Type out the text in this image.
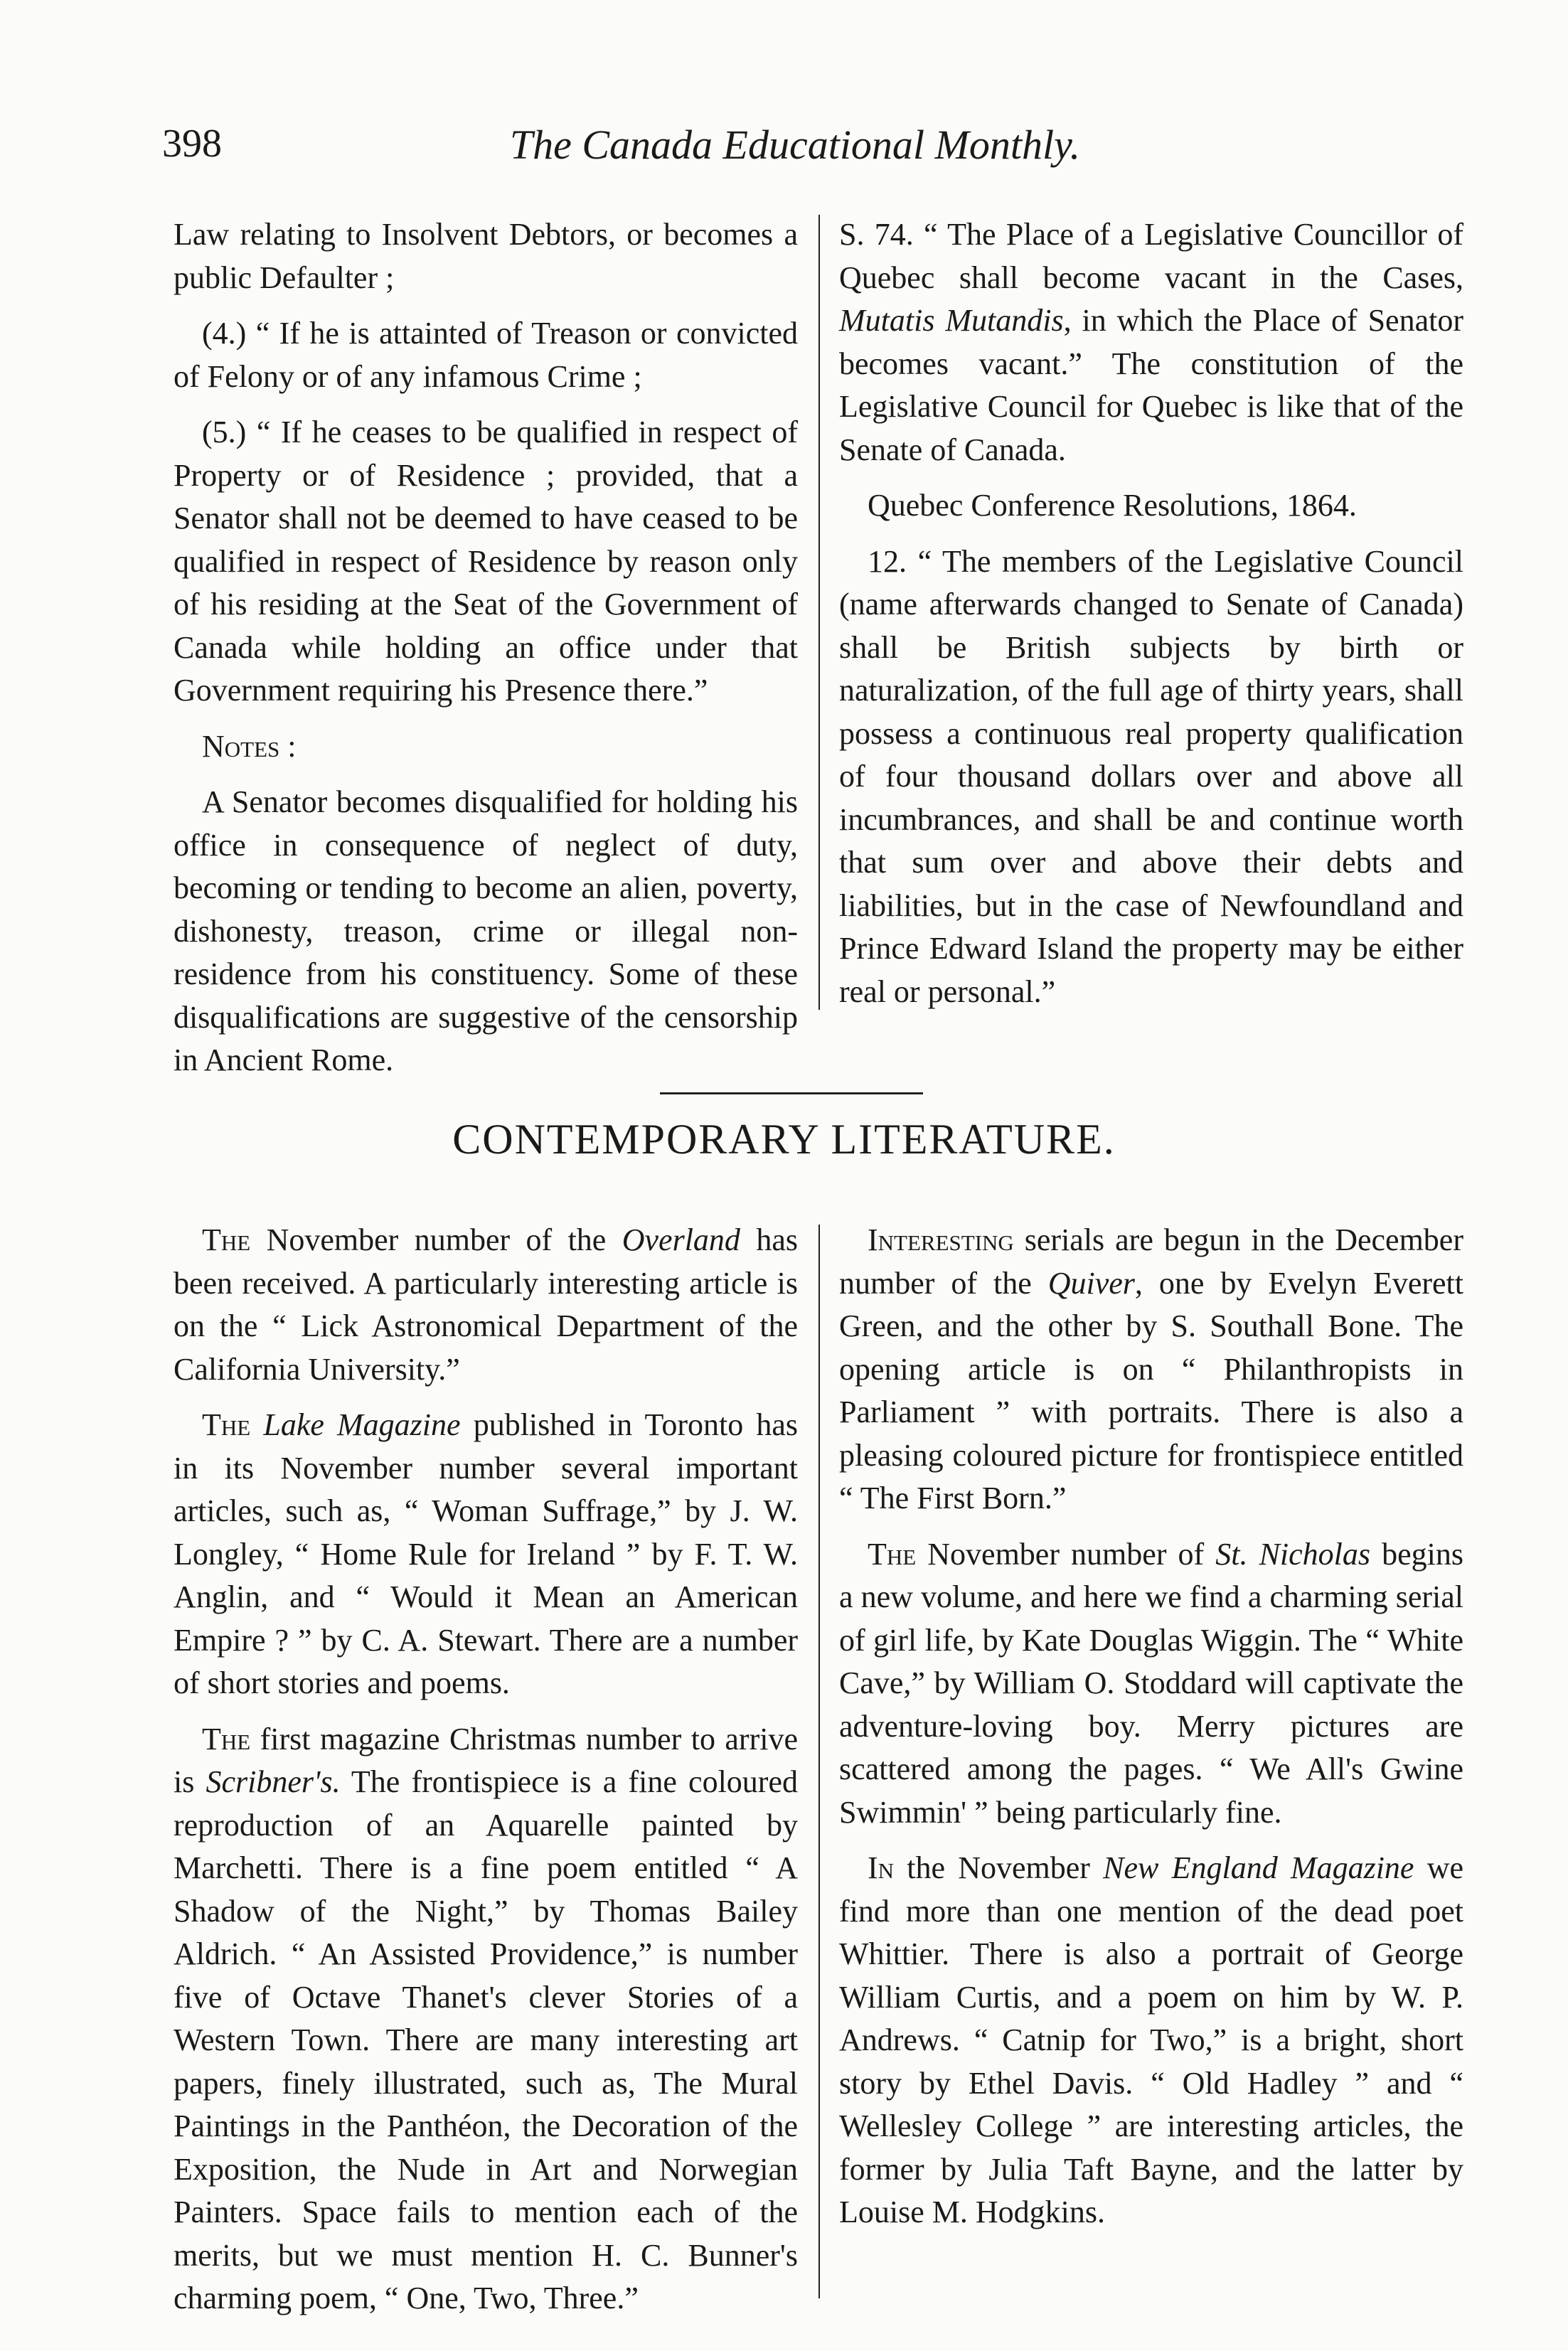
398	The Canada Educational Monthly.

Law relating to Insolvent Debtors, or becomes a public Defaulter ;

(4.) “ If he is attainted of Treason or convicted of Felony or of any infamous Crime ;

(5.) “ If he ceases to be qualified in respect of Property or of Residence ; provided, that a Senator shall not be deemed to have ceased to be qualified in respect of Residence by reason only of his residing at the Seat of the Government of Canada while holding an office under that Government requiring his Presence there.”

Notes :

A Senator becomes disqualified for holding his office in consequence of neglect of duty, becoming or tending to become an alien, poverty, dishonesty, treason, crime or illegal non-residence from his constituency. Some of these disqualifications are suggestive of the censorship in Ancient Rome.

S. 74. “ The Place of a Legislative Councillor of Quebec shall become vacant in the Cases, Mutatis Mutandis, in which the Place of Senator becomes vacant.” The constitution of the Legislative Council for Quebec is like that of the Senate of Canada.

Quebec Conference Resolutions, 1864.

12. “ The members of the Legislative Council (name afterwards changed to Senate of Canada) shall be British subjects by birth or naturalization, of the full age of thirty years, shall possess a continuous real property qualification of four thousand dollars over and above all incumbrances, and shall be and continue worth that sum over and above their debts and liabilities, but in the case of Newfoundland and Prince Edward Island the property may be either real or personal.”

CONTEMPORARY LITERATURE.

The November number of the Overland has been received. A particularly interesting article is on the “ Lick Astronomical Department of the California University.”

The Lake Magazine published in Toronto has in its November number several important articles, such as, “ Woman Suffrage,” by J. W. Longley, “ Home Rule for Ireland ” by F. T. W. Anglin, and “ Would it Mean an American Empire ? ” by C. A. Stewart. There are a number of short stories and poems.

The first magazine Christmas number to arrive is Scribner's. The frontispiece is a fine coloured reproduction of an Aquarelle painted by Marchetti. There is a fine poem entitled “ A Shadow of the Night,” by Thomas Bailey Aldrich. “ An Assisted Providence,” is number five of Octave Thanet's clever Stories of a Western Town. There are many interesting art papers, finely illustrated, such as, The Mural Paintings in the Panthéon, the Decoration of the Exposition, the Nude in Art and Norwegian Painters. Space fails to mention each of the merits, but we must mention H. C. Bunner's charming poem, “ One, Two, Three.”

Interesting serials are begun in the December number of the Quiver, one by Evelyn Everett Green, and the other by S. Southall Bone. The opening article is on “ Philanthropists in Parliament ” with portraits. There is also a pleasing coloured picture for frontispiece entitled “ The First Born.”

The November number of St. Nicholas begins a new volume, and here we find a charming serial of girl life, by Kate Douglas Wiggin. The “ White Cave,” by William O. Stoddard will captivate the adventure-loving boy. Merry pictures are scattered among the pages. “ We All's Gwine Swimmin' ” being particularly fine.

In the November New England Magazine we find more than one mention of the dead poet Whittier. There is also a portrait of George William Curtis, and a poem on him by W. P. Andrews. “ Catnip for Two,” is a bright, short story by Ethel Davis. “ Old Hadley ” and “ Wellesley College ” are interesting articles, the former by Julia Taft Bayne, and the latter by Louise M. Hodgkins.
